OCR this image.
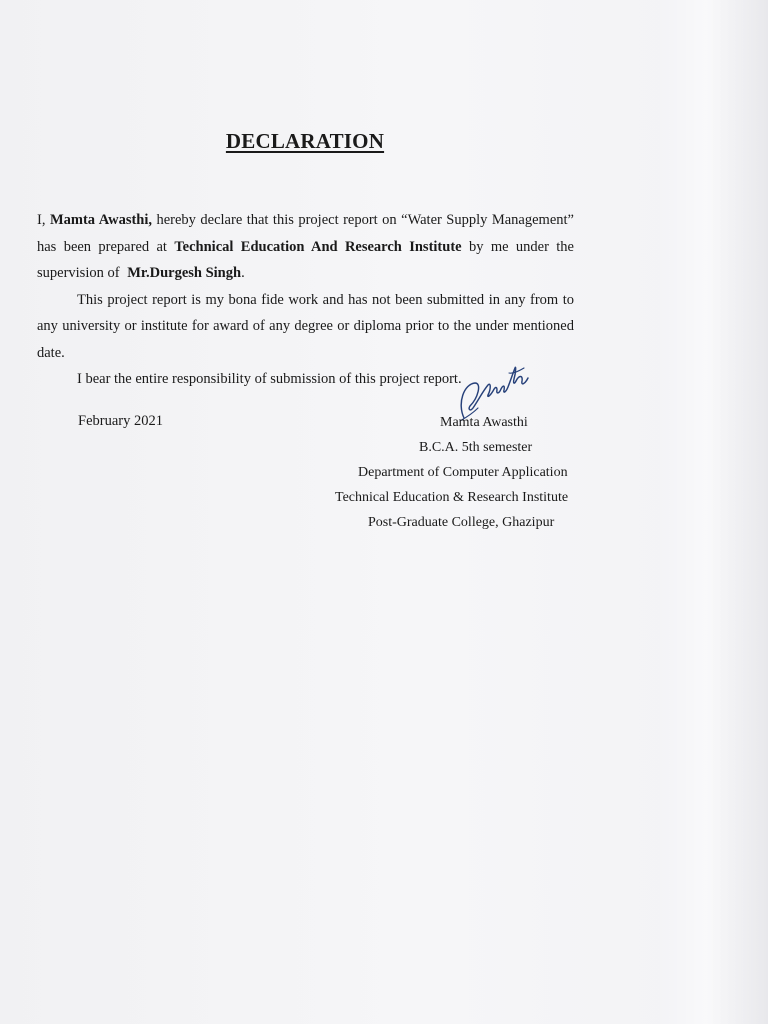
DECLARATION

I, Mamta Awasthi, hereby declare that this project report on “Water Supply Management” has been prepared at Technical Education And Research Institute by me under the supervision of Mr.Durgesh Singh.

This project report is my bona fide work and has not been submitted in any from to any university or institute for award of any degree or diploma prior to the under mentioned date.

I bear the entire responsibility of submission of this project report.

February 2021	Mamta Awasthi
B.C.A. 5th semester
Department of Computer Application
Technical Education & Research Institute
Post-Graduate College, Ghazipur
